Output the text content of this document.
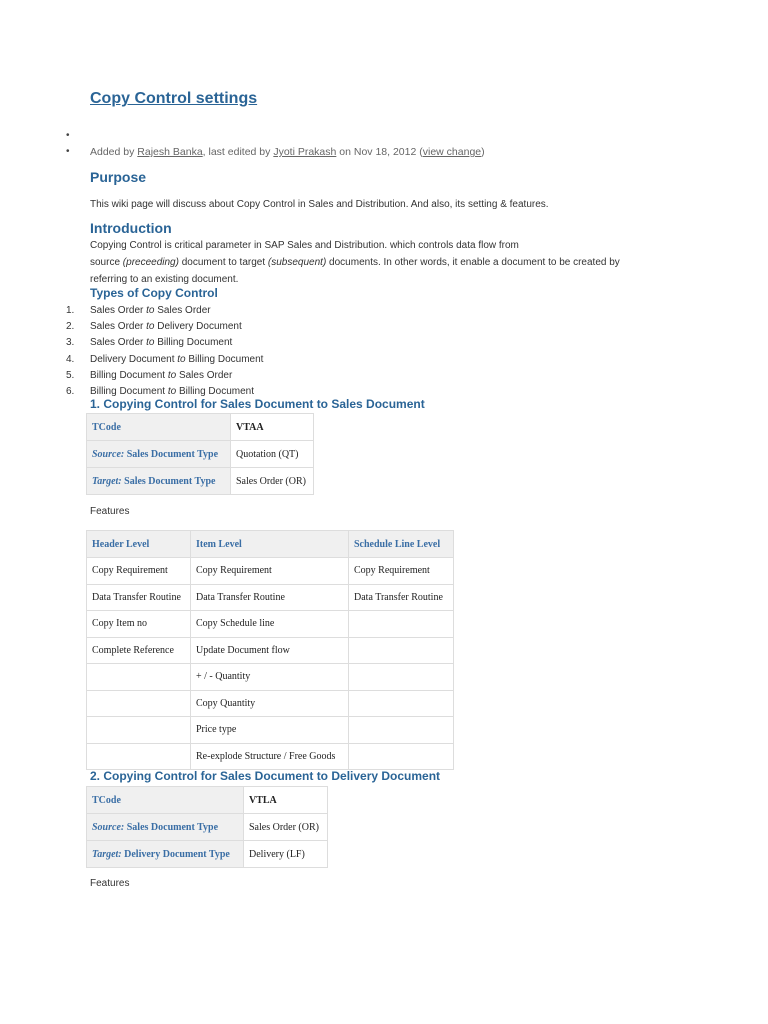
Copy Control settings
•
• Added by Rajesh Banka, last edited by Jyoti Prakash on Nov 18, 2012 (view change)
Purpose
This wiki page will discuss about Copy Control in Sales and Distribution. And also, its setting & features.
Introduction
Copying Control is critical parameter in SAP Sales and Distribution. which controls data flow from
source (preceeding) document to target (subsequent) documents. In other words, it enable a document to be created by
referring to an existing document.
Types of Copy Control
1. Sales Order to Sales Order
2. Sales Order to Delivery Document
3. Sales Order to Billing Document
4. Delivery Document to Billing Document
5. Billing Document to Sales Order
6. Billing Document to Billing Document
1. Copying Control for Sales Document to Sales Document
TCode	VTAA
Source: Sales Document Type	Quotation (QT)
Target: Sales Document Type	Sales Order (OR)
Features
Header Level	Item Level	Schedule Line Level
Copy Requirement	Copy Requirement	Copy Requirement
Data Transfer Routine	Data Transfer Routine	Data Transfer Routine
Copy Item no	Copy Schedule line	
Complete Reference	Update Document flow	
	+ / - Quantity	
	Copy Quantity	
	Price type	
	Re-explode Structure / Free Goods	
2. Copying Control for Sales Document to Delivery Document
TCode	VTLA
Source: Sales Document Type	Sales Order (OR)
Target: Delivery Document Type	Delivery (LF)
Features
